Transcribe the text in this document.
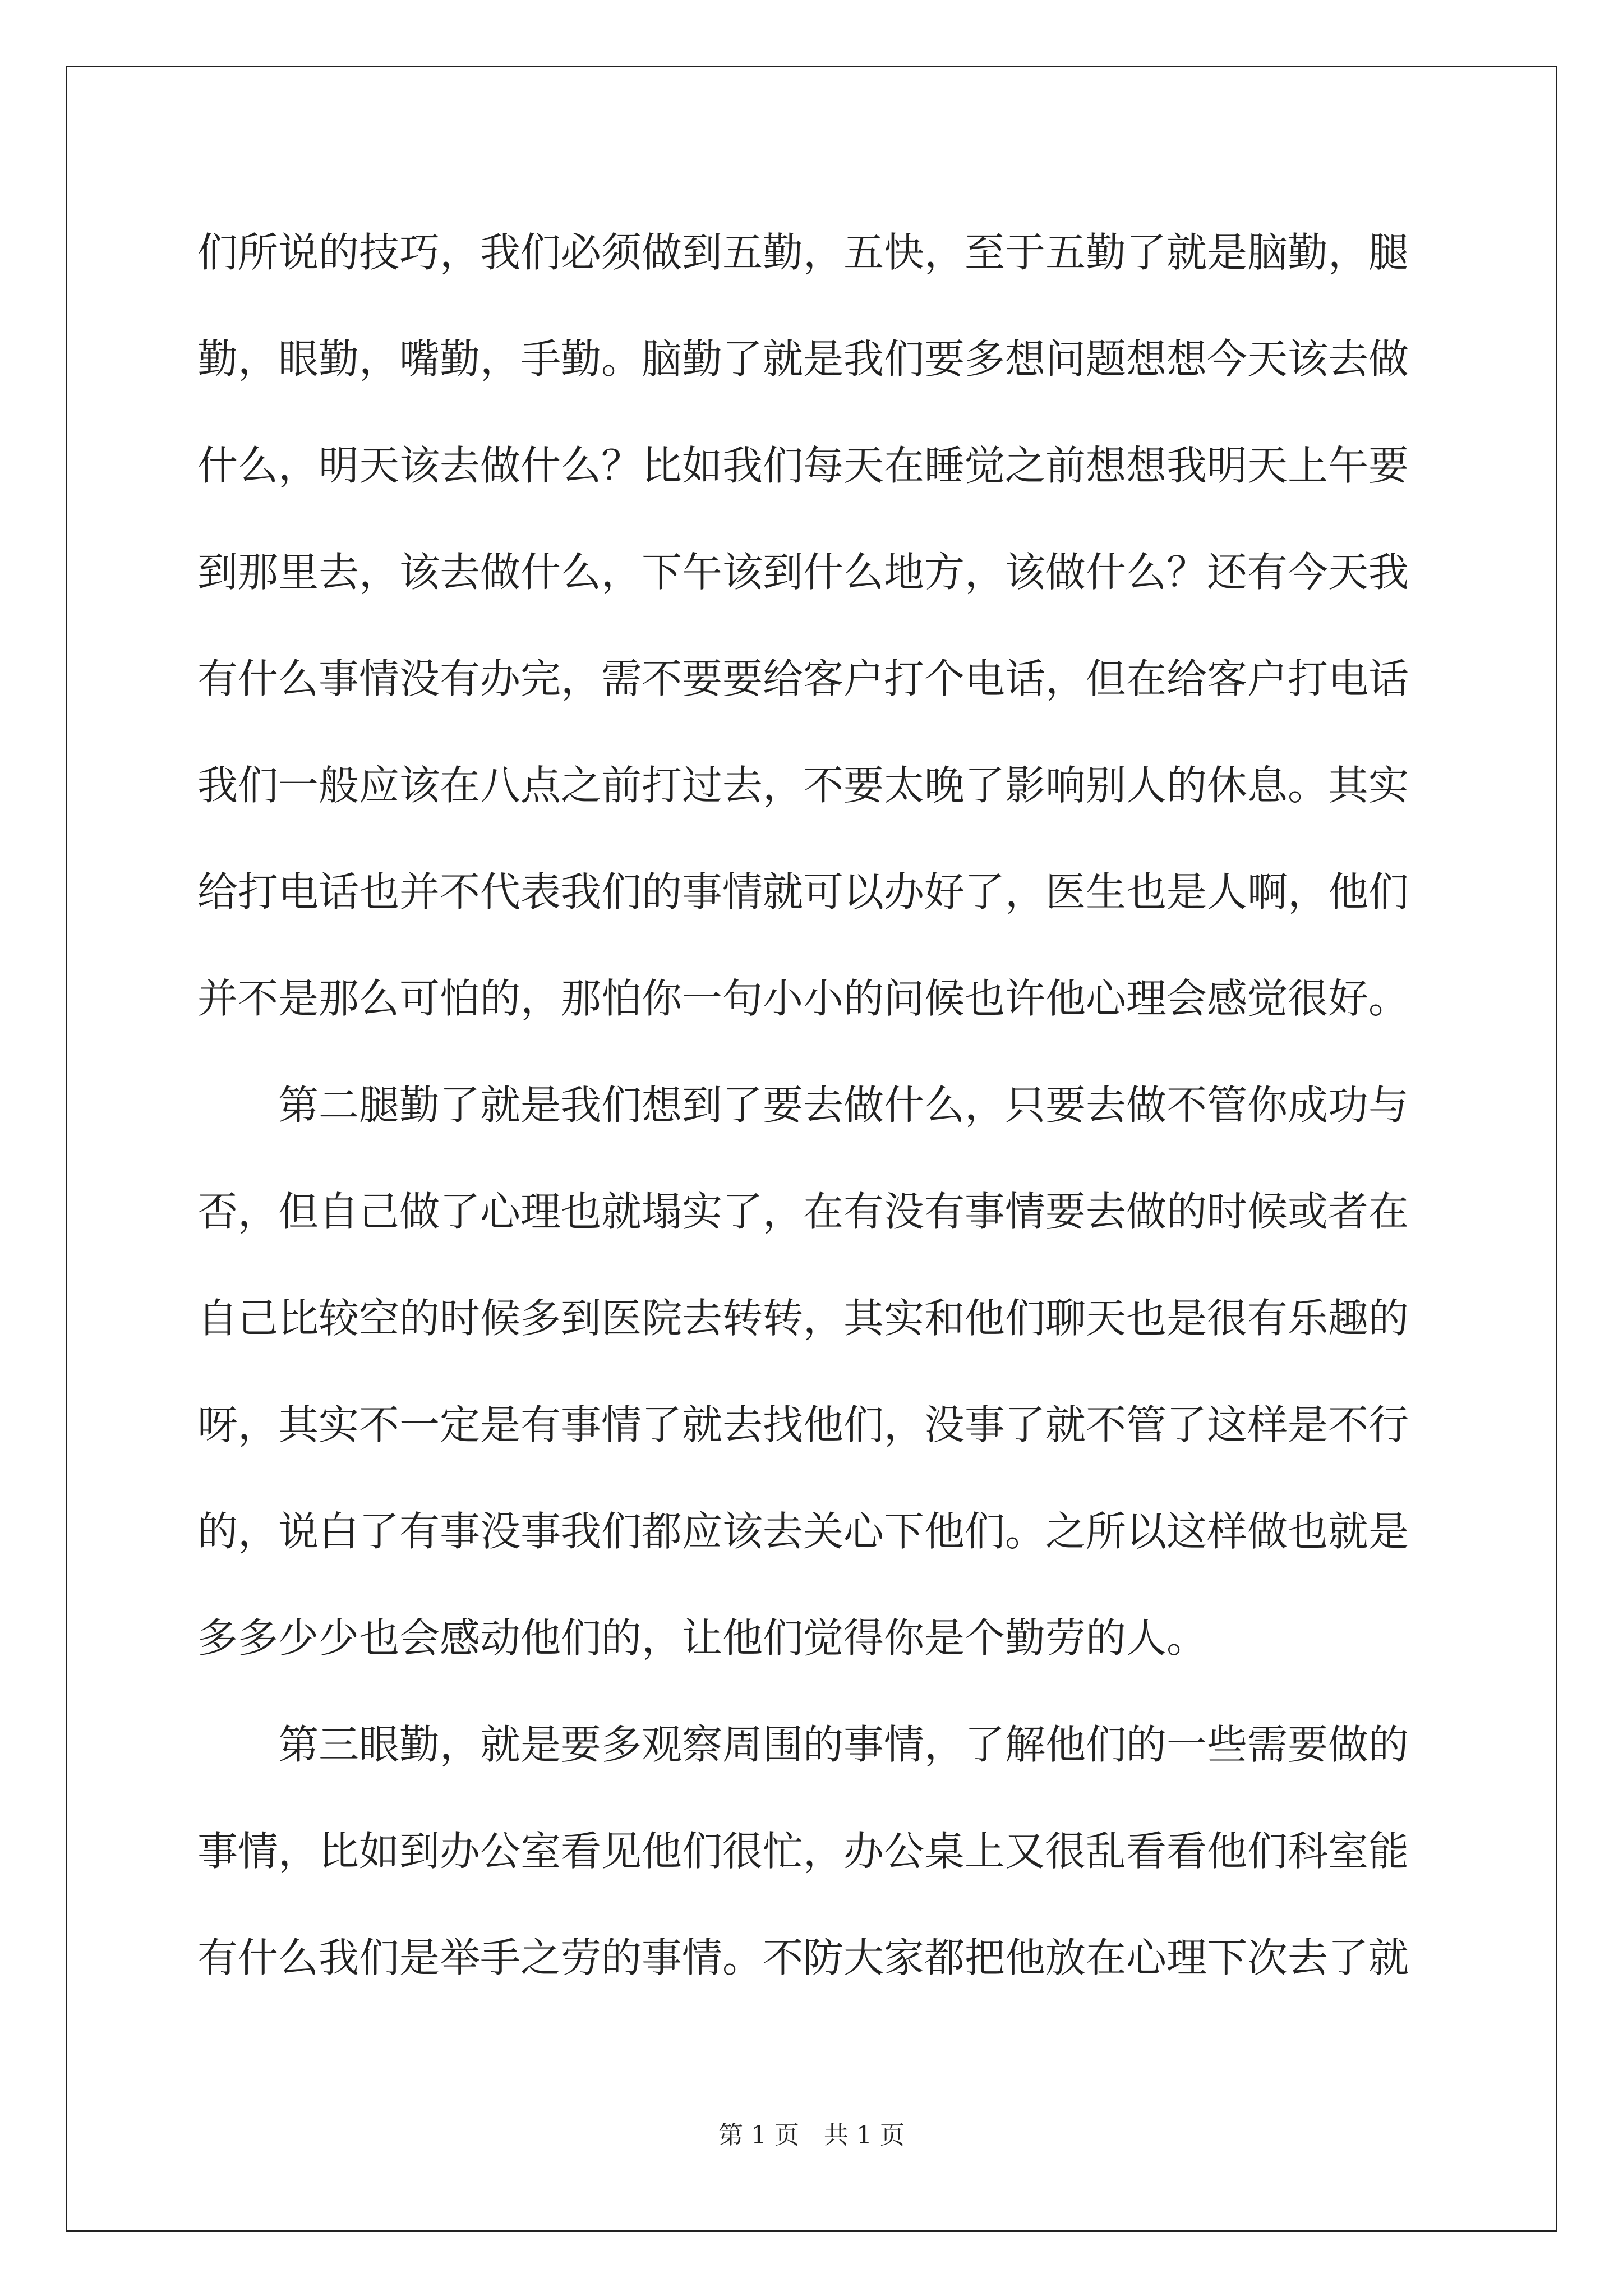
们所说的技巧，我们必须做到五勤，五快，至于五勤了就是脑勤，腿
勤，眼勤，嘴勤，手勤。脑勤了就是我们要多想问题想想今天该去做
什么，明天该去做什么？比如我们每天在睡觉之前想想我明天上午要
到那里去，该去做什么，下午该到什么地方，该做什么？还有今天我
有什么事情没有办完，需不要要给客户打个电话，但在给客户打电话
我们一般应该在八点之前打过去，不要太晚了影响别人的休息。其实
给打电话也并不代表我们的事情就可以办好了，医生也是人啊，他们
并不是那么可怕的，那怕你一句小小的问候也许他心理会感觉很好。
第二腿勤了就是我们想到了要去做什么，只要去做不管你成功与
否，但自己做了心理也就塌实了，在有没有事情要去做的时候或者在
自己比较空的时候多到医院去转转，其实和他们聊天也是很有乐趣的
呀，其实不一定是有事情了就去找他们，没事了就不管了这样是不行
的，说白了有事没事我们都应该去关心下他们。之所以这样做也就是
多多少少也会感动他们的，让他们觉得你是个勤劳的人。
第三眼勤，就是要多观察周围的事情，了解他们的一些需要做的
事情，比如到办公室看见他们很忙，办公桌上又很乱看看他们科室能
有什么我们是举手之劳的事情。不防大家都把他放在心理下次去了就
第 1 页　共 1 页
